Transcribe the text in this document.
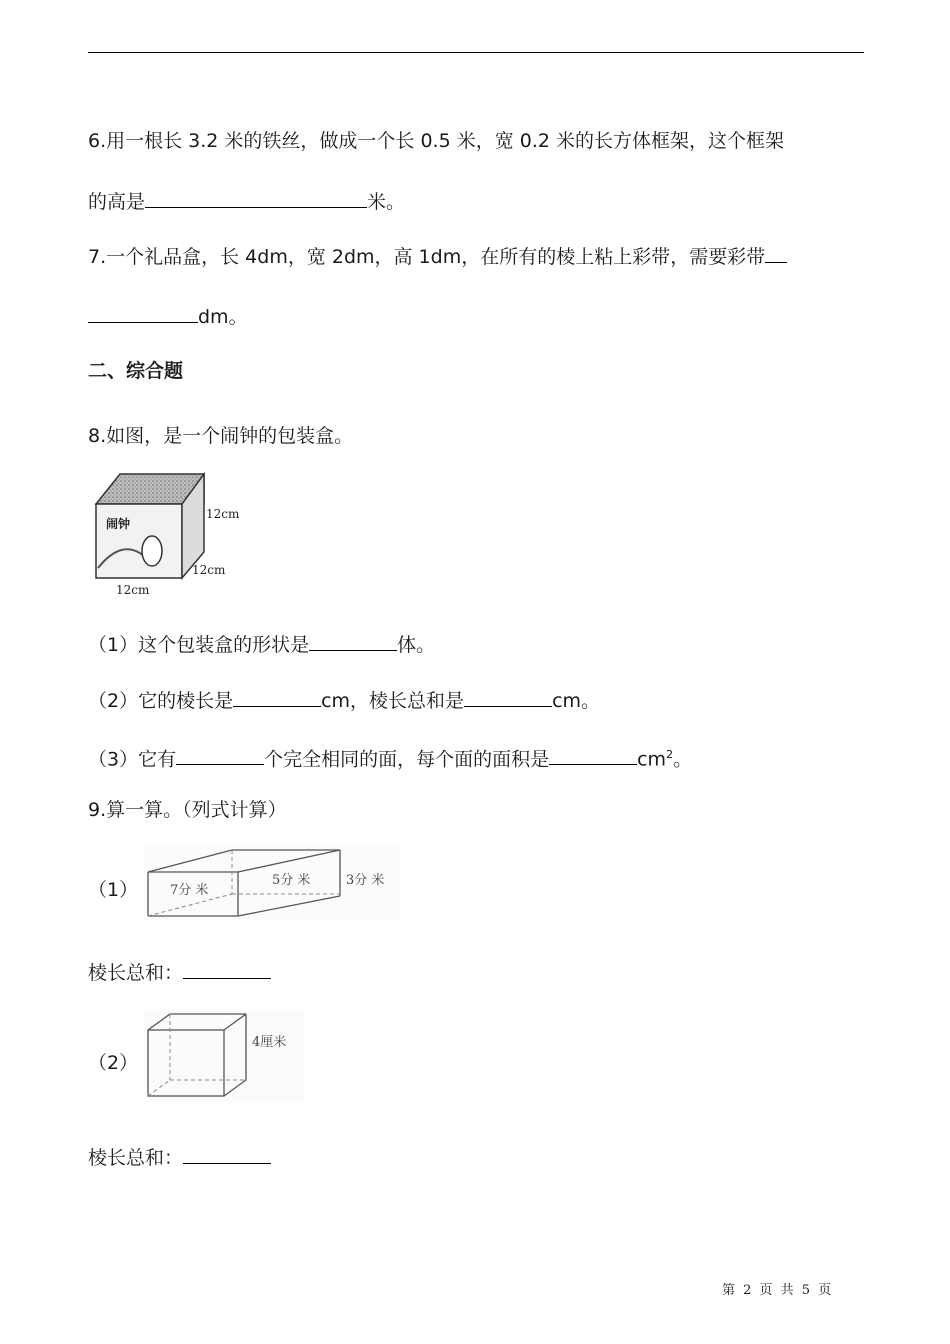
6.用一根长 3.2 米的铁丝，做成一个长 0.5 米，宽 0.2 米的长方体框架，这个框架
的高是	米。
7.一个礼品盒，长 4dm，宽 2dm，高 1dm，在所有的棱上粘上彩带，需要彩带
dm。
二、综合题
8.如图，是一个闹钟的包装盒。
闹钟
12cm
12cm
12cm
（1）这个包装盒的形状是	体。
（2）它的棱长是	cm，棱长总和是	cm。
（3）它有	个完全相同的面，每个面的面积是	$cm^2$。
9.算一算。（列式计算）
（1） 7分 米
5分 米	3分 米
棱长总和：
（2）
4厘米
棱长总和：
第 2 页 共 5 页
